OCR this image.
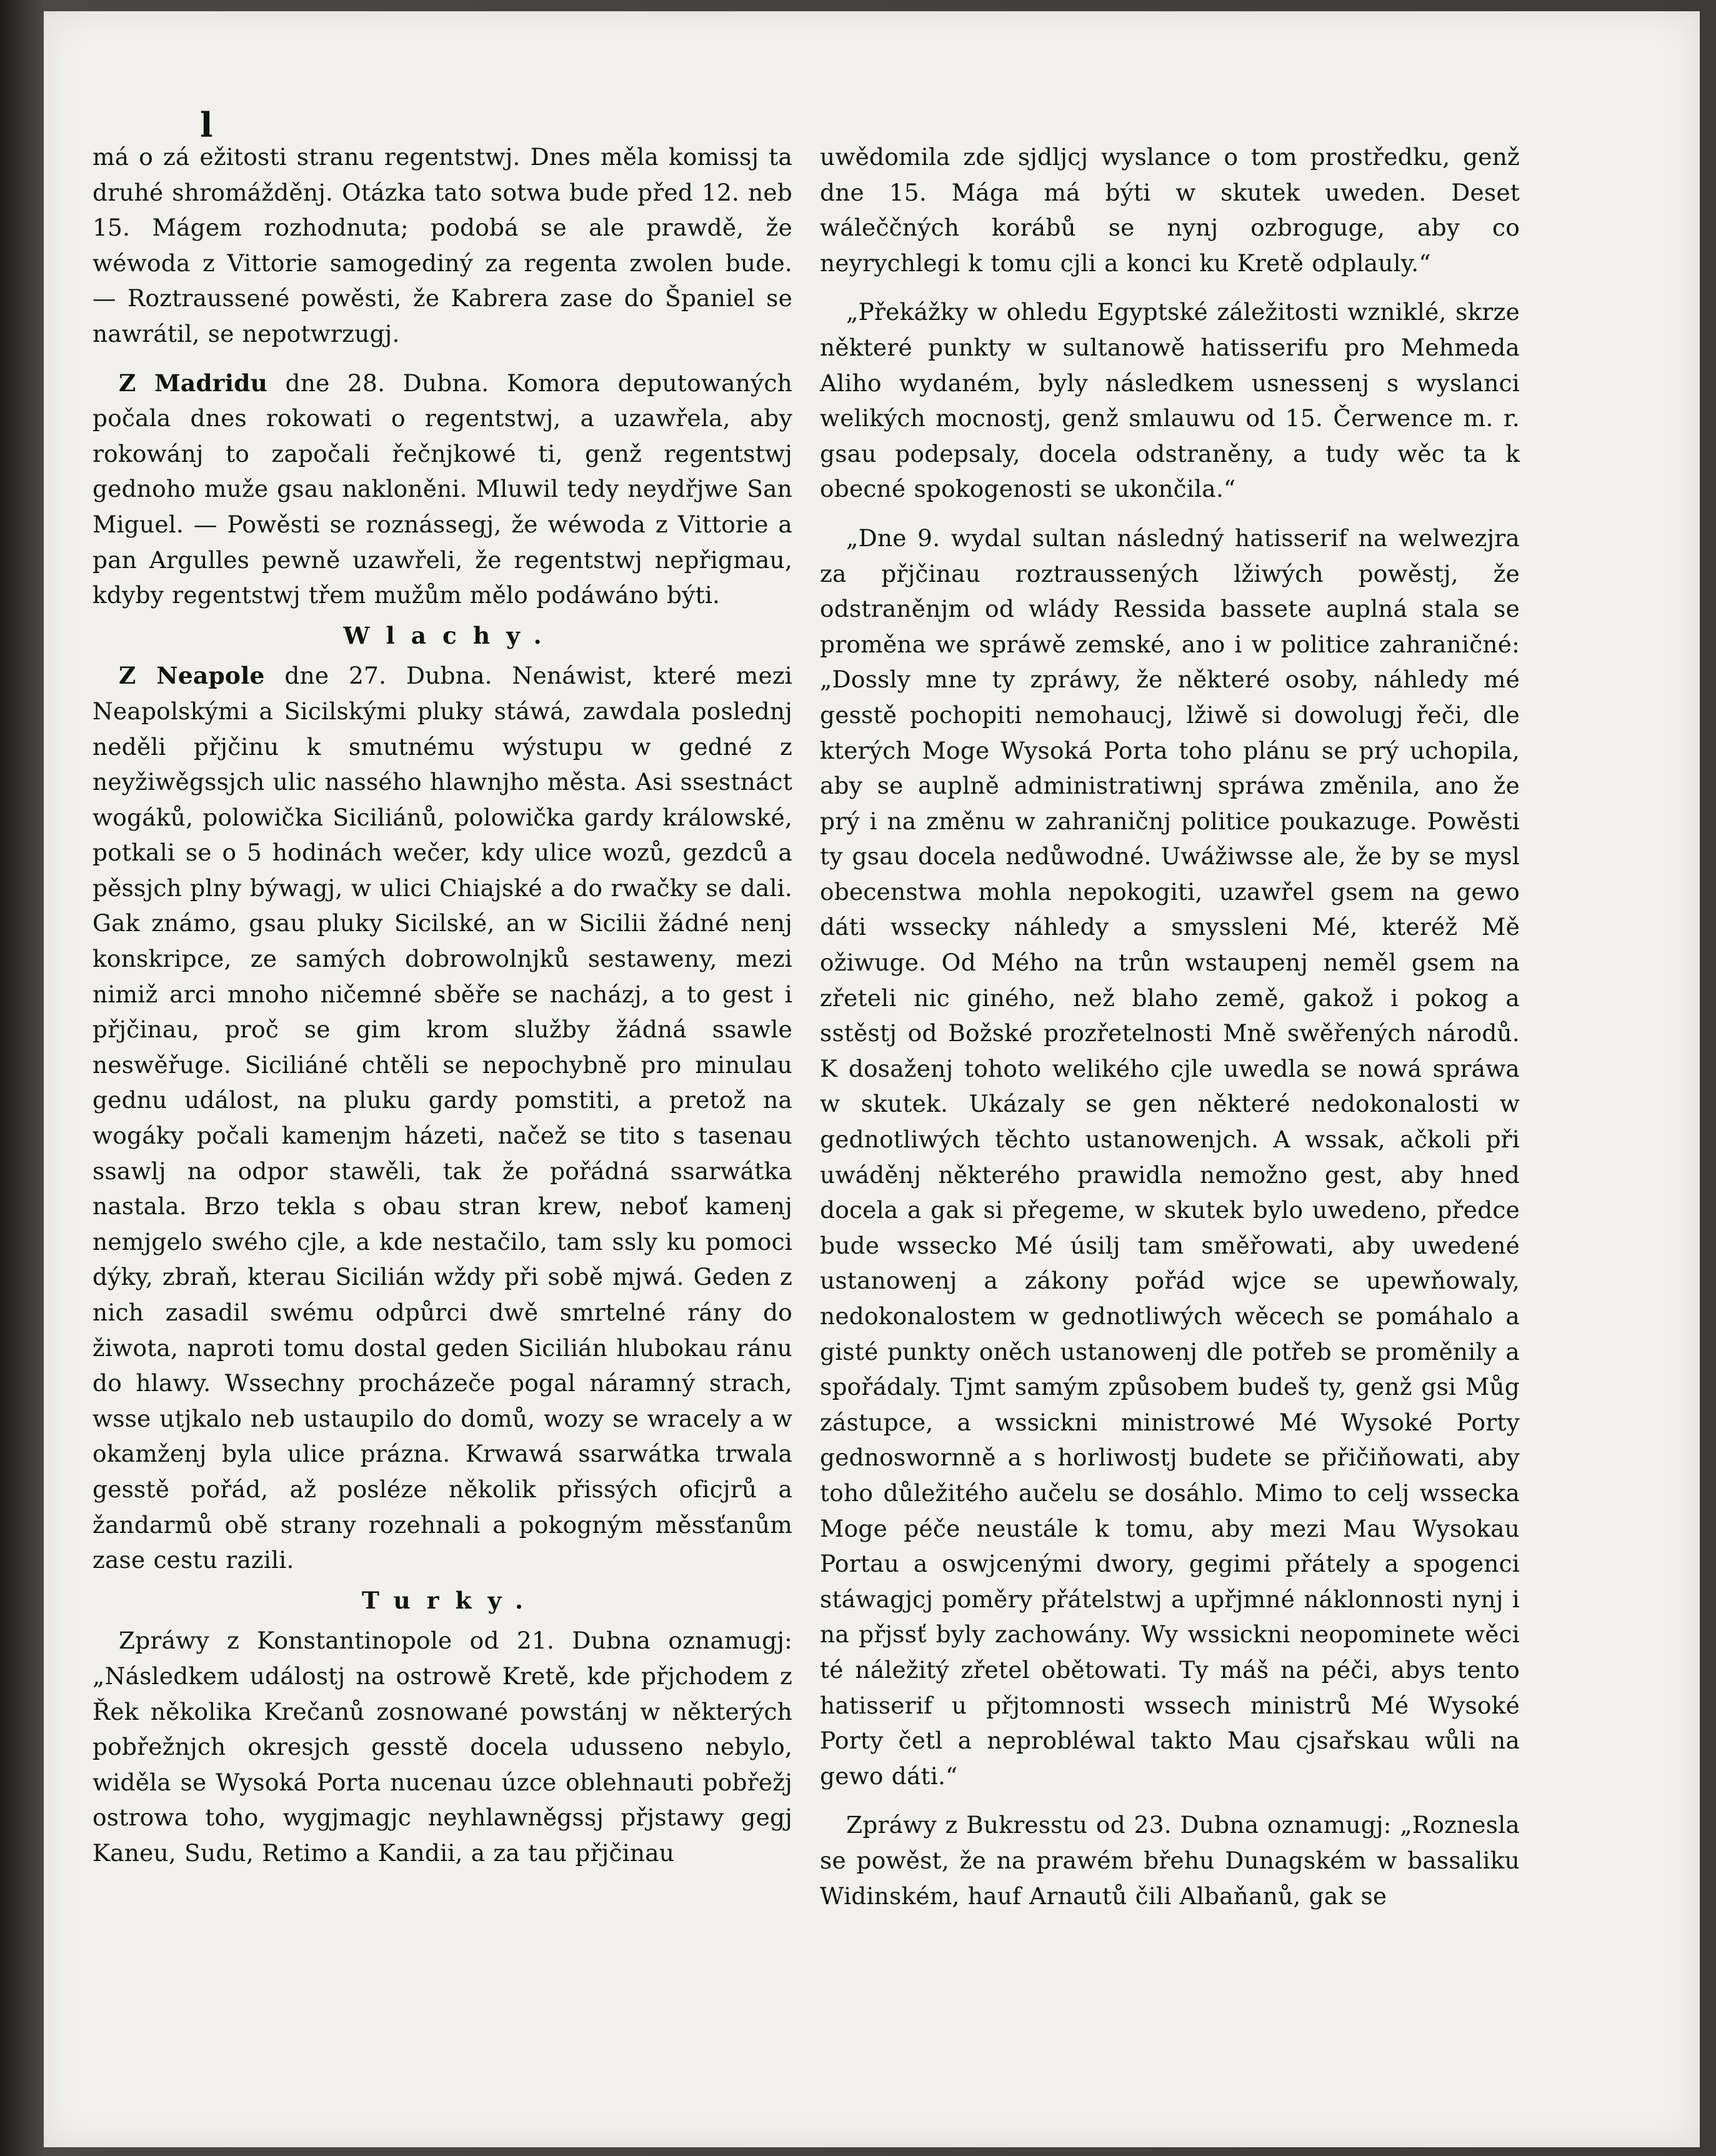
l

má o zá ežitosti stranu regentstwj. Dnes měla komissj ta druhé shromážděnj. Otázka tato sotwa bude před 12. neb 15. Mágem rozhodnuta; podobá se ale prawdě, že wéwoda z Vittorie samogediný za regenta zwolen bude. — Roztraussené powěsti, že Kabrera zase do Španiel se nawrátil, se nepotwrzugj.

Z Madridu dne 28. Dubna. Komora deputowaných počala dnes rokowati o regentstwj, a uzawřela, aby rokowánj to započali řečnjkowé ti, genž regentstwj gednoho muže gsau nakloněni. Mluwil tedy neydřjwe San Miguel. — Powěsti se roznássegj, že wéwoda z Vittorie a pan Argulles pewně uzawřeli, že regentstwj nepřigmau, kdyby regentstwj třem mužům mělo podáwáno býti.

Wlachy.

Z Neapole dne 27. Dubna. Nenáwist, které mezi Neapolskými a Sicilskými pluky stáwá, zawdala poslednj neděli přjčinu k smutnému wýstupu w gedné z neyžiwěgssjch ulic nassého hlawnjho města. Asi ssestnáct wogáků, polowička Siciliánů, polowička gardy králowské, potkali se o 5 hodinách wečer, kdy ulice wozů, gezdců a pěssjch plny býwagj, w ulici Chiajské a do rwačky se dali. Gak známo, gsau pluky Sicilské, an w Sicilii žádné nenj konskripce, ze samých dobrowolnjků sestaweny, mezi nimiž arci mnoho ničemné sběře se nacházj, a to gest i přjčinau, proč se gim krom služby žádná ssawle neswěřuge. Siciliáné chtěli se nepochybně pro minulau gednu událost, na pluku gardy pomstiti, a pretož na wogáky počali kamenjm házeti, načež se tito s tasenau ssawlj na odpor stawěli, tak že pořádná ssarwátka nastala. Brzo tekla s obau stran krew, neboť kamenj nemjgelo swého cjle, a kde nestačilo, tam ssly ku pomoci dýky, zbraň, kterau Sicilián wždy při sobě mjwá. Geden z nich zasadil swému odpůrci dwě smrtelné rány do žiwota, naproti tomu dostal geden Sicilián hlubokau ránu do hlawy. Wssechny procházeče pogal náramný strach, wsse utjkalo neb ustaupilo do domů, wozy se wracely a w okamženj byla ulice prázna. Krwawá ssarwátka trwala gesstě pořád, až posléze několik přissých oficjrů a žandarmů obě strany rozehnali a pokogným měssťanům zase cestu razili.

Turky.

Zpráwy z Konstantinopole od 21. Dubna oznamugj: „Následkem událostj na ostrowě Kretě, kde přjchodem z Řek několika Krečanů zosnowané powstánj w některých pobřežnjch okresjch gesstě docela udussenо nebylo, widěla se Wysoká Porta nucenau úzce oblehnauti pobřežj ostrowa toho, wygjmagjc neyhlawněgssj přjstawy gegj Kaneu, Sudu, Retimo a Kandii, a za tau přjčinau

uwědomila zde sjdljcj wyslance o tom prostředku, genž dne 15. Mága má býti w skutek uweden. Deset wáleččných korábů se nynj ozbroguge, aby co neyrychlegi k tomu cjli a konci ku Kretě odplauly.“

„Překážky w ohledu Egyptské záležitosti wzniklé, skrze některé punkty w sultanowě hatisserifu pro Mehmeda Aliho wydaném, byly následkem usnessenj s wyslanci welikých mocnostj, genž smlauwu od 15. Čerwence m. r. gsau podepsaly, docela odstraněny, a tudy wěc ta k obecné spokogenosti se ukončila.“

„Dne 9. wydal sultan následný hatisserif na welwezjra za přjčinau roztraussených lžiwých powěstj, že odstraněnjm od wlády Ressida bassete auplná stala se proměna we spráwě zemské, ano i w politice zahraničné: „Dossly mne ty zpráwy, že některé osoby, náhledy mé gesstě pochopiti nemohaucj, lžiwě si dowolugj řeči, dle kterých Moge Wysoká Porta toho plánu se prý uchopila, aby se auplně administratiwnj spráwa změnila, ano že prý i na změnu w zahraničnj politice poukazuge. Powěsti ty gsau docela nedůwodné. Uwážiwsse ale, že by se mysl obecenstwa mohla nepokogiti, uzawřel gsem na gewo dáti wssecky náhledy a smyssleni Mé, kteréž Mě ožiwuge. Od Mého na trůn wstaupenj neměl gsem na zřeteli nic giného, než blaho země, gakož i pokog a sstěstj od Božské prozřetelnosti Mně swěřených národů. K dosaženj tohoto welikého cjle uwedla se nowá spráwa w skutek. Ukázaly se gen některé nedokonalosti w gednotliwých těchto ustanowenjch. A wssak, ačkoli při uwáděnj některého prawidla nemožno gest, aby hned docela a gak si přegeme, w skutek bylo uwedeno, předce bude wssecko Mé úsilj tam směřowati, aby uwedené ustanowenj a zákony pořád wjce se upewňowaly, nedokonalostem w gednotliwých wěcech se pomáhalo a gisté punkty oněch ustanowenj dle potřeb se proměnily a spořádaly. Tjmt samým způsobem budeš ty, genž gsi Můg zástupce, a wssickni ministrowé Mé Wysoké Porty gednoswornně a s horliwostj budete se přičiňowati, aby toho důležitého aučelu se dosáhlo. Mimo to celj wssecka Moge péče neustále k tomu, aby mezi Mau Wysokau Portau a oswjcenými dwory, gegimi přátely a spogenci stáwagjcj poměry přátelstwj a upřjmné náklonnosti nynj i na přjssť byly zachowány. Wy wssickni neopominete wěci té náležitý zřetel obětowati. Ty máš na péči, abys tento hatisserif u přjtomnosti wssech ministrů Mé Wysoké Porty četl a neprobléwal takto Mau cjsařskau wůli na gewo dáti.“

Zpráwy z Bukresstu od 23. Dubna oznamugj: „Roznesla se powěst, že na prawém břehu Dunagském w bassaliku Widinském, hauf Arnautů čili Albaňanů, gak se
